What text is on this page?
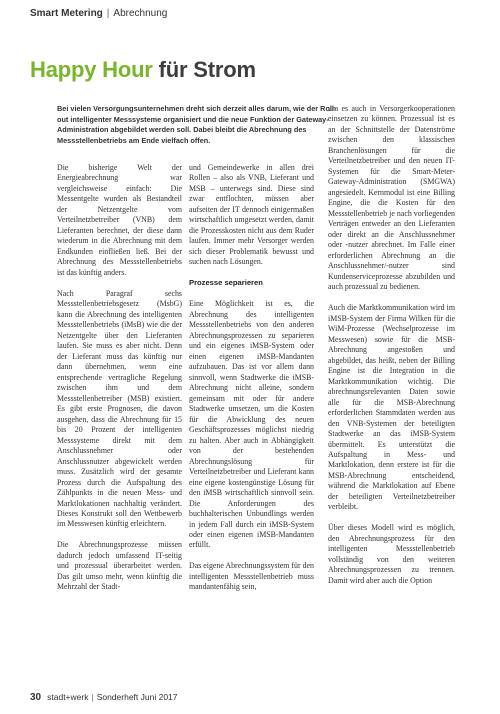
Smart Metering | Abrechnung
Happy Hour für Strom
Bei vielen Versorgungsunternehmen dreht sich derzeit alles darum, wie der Roll-out intelligenter Messsysteme organisiert und die neue Funktion der Gateway-Administration abgebildet werden soll. Dabei bleibt die Abrechnung des Messstellenbetriebs am Ende vielfach offen.

Die bisherige Welt der Energieabrechnung war vergleichsweise einfach: Die Messentgelte wurden als Bestandteil der Netzentgelte vom Verteilnetzbetreiber (VNB) dem Lieferanten berechnet, der diese dann wiederum in die Abrechnung mit dem Endkunden einfließen ließ. Bei der Abrechnung des Messstellenbetriebs ist das künftig anders.

Nach Paragraf sechs Messstellenbetriebsgesetz (MsbG) kann die Abrechnung des intelligenten Messstellenbetriebs (iMsB) wie die der Netzentgelte über den Lieferanten laufen. Sie muss es aber nicht. Denn der Lieferant muss das künftig nur dann übernehmen, wenn eine entsprechende vertragliche Regelung zwischen ihm und dem Messstellenbetreiber (MSB) existiert. Es gibt erste Prognosen, die davon ausgehen, dass die Abrechnung für 15 bis 20 Prozent der intelligenten Messsysteme direkt mit dem Anschlussnehmer oder Anschlussnutzer abgewickelt werden muss. Zusätzlich wird der gesamte Prozess durch die Aufspaltung des Zählpunkts in die neuen Mess- und Marktlokationen nachhaltig verändert. Dieses Konstrukt soll den Wettbewerb im Messwesen künftig erleichtern.

Die Abrechnungsprozesse müssen dadurch jedoch umfassend IT-seitig und prozessual überarbeitet werden. Das gilt umso mehr, wenn künftig die Mehrzahl der Stadt-

und Gemeindewerke in allen drei Rollen – also als VNB, Lieferant und MSB – unterwegs sind. Diese sind zwar entflochten, müssen aber aufseiten der IT dennoch einigermaßen wirtschaftlich umgesetzt werden, damit die Prozesskosten nicht aus dem Ruder laufen. Immer mehr Versorger werden sich dieser Problematik bewusst und suchen nach Lösungen.

Prozesse separieren

Eine Möglichkeit ist es, die Abrechnung des intelligenten Messstellenbetriebs von den anderen Abrechnungsprozessen zu separieren und ein eigenes iMSB-System oder einen eigenen iMSB-Mandanten aufzubauen. Das ist vor allem dann sinnvoll, wenn Stadtwerke die iMSB-Abrechnung nicht alleine, sondern gemeinsam mit oder für andere Stadtwerke umsetzen, um die Kosten für die Abwicklung des neuen Geschäftsprozesses möglichst niedrig zu halten. Aber auch in Abhängigkeit von der bestehenden Abrechnungslösung für Verteilnetzbetreiber und Lieferant kann eine eigene kostengünstige Lösung für den iMSB wirtschaftlich sinnvoll sein. Die Anforderungen des buchhalterischen Unbundlings werden in jedem Fall durch ein iMSB-System oder einen eigenen iMSB-Mandanten erfüllt.

Das eigene Abrechnungssystem für den intelligenten Messstellenbetrieb muss mandantenfähig sein,

um es auch in Versorgerkooperationen einsetzen zu können. Prozessual ist es an der Schnittstelle der Datenströme zwischen den klassischen Branchenlösungen für die Verteilnetzbetreiber und den neuen IT-Systemen für die Smart-Meter-Gateway-Administration (SMGWA) angesiedelt. Kernmodul ist eine Billing Engine, die die Kosten für den Messstellenbetrieb je nach vorliegenden Verträgen entweder an den Lieferanten oder direkt an die Anschlussnehmer oder -nutzer abrechnet. Im Falle einer erforderlichen Abrechnung an die Anschlussnehmer/-nutzer sind Kundenserviceprozesse abzubilden und auch prozessual zu bedienen.

Auch die Marktkommunikation wird im iMSB-System der Firma Wilken für die WiM-Prozesse (Wechselprozesse im Messwesen) sowie für die MSB-Abrechnung angestoßen und abgebildet, das heißt, neben der Billing Engine ist die Integration in die Marktkommunikation wichtig. Die abrechnungsrelevanten Daten sowie alle für die MSB-Abrechnung erforderlichen Stammdaten werden aus den VNB-Systemen der beteiligten Stadtwerke an das iMSB-System übermittelt. Es unterstützt die Aufspaltung in Mess- und Marktlokation, denn erstere ist für die MSB-Abrechnung entscheidend, während die Marktlokation auf Ebene der beteiligten Verteilnetzbetreiber verbleibt.

Über dieses Modell wird es möglich, den Abrechnungsprozess für den intelligenten Messstellenbetrieb vollständig von den weiteren Abrechnungsprozessen zu trennen. Damit wird aber auch die Option

30 stadt+werk | Sonderheft Juni 2017
